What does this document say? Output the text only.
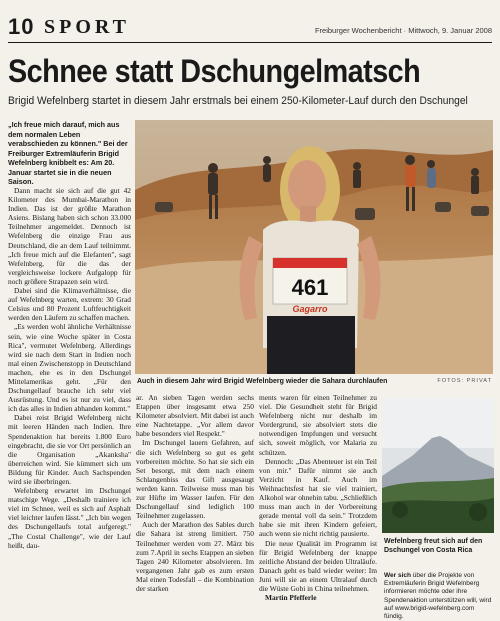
10 SPORT	Freiburger Wochenbericht · Mittwoch, 9. Januar 2008
Schnee statt Dschungelmatsch
Brigid Wefelnberg startet in diesem Jahr erstmals bei einem 250-Kilometer-Lauf durch den Dschungel
„Ich freue mich darauf, mich aus dem normalen Leben verabschieden zu können." Bei der Freiburger Extremläuferin Brigid Wefelnberg knibbelt es: Am 20. Januar startet sie in die neuen Saison.

Dann macht sie sich auf die gut 42 Kilometer des Mumbai-Marathon in Indien. Das ist der größte Marathon Asiens. Bislang haben sich schon 33.000 Teilnehmer angemeldet. Dennoch ist Wefelnberg die einzige Frau aus Deutschland, die an dem Lauf teilnimmt. „Ich freue mich auf die Elefanten", sagt Wefelnberg, für die das der vergleichsweise lockere Aufgalopp für noch größere Strapazen sein wird.

Dabei sind die Klimaverhältnisse, die auf Wefelnberg warten, extrem: 30 Grad Celsius und 80 Prozent Luftfeuchtigkeit werden den Läufern zu schaffen machen.

„Es werden wohl ähnliche Verhältnisse sein, wie eine Woche später in Costa Rica", vermutet Wefelnberg. Allerdings wird sie nach dem Start in Indien noch mal einen Zwischenstopp in Deutschland machen, ehe es in den Dschungel Mittelamerikas geht. „Für den Dschungellauf brauche ich sehr viel Ausrüstung. Und es ist nur zu viel, dass ich das alles in Indien abhanden kommt."

Dabei reist Brigid Wefelnberg nicht mit leeren Händen nach Indien. Ihre Spendenaktion hat bereits 1.800 Euro eingebracht, die sie vor Ort persönlich an die Organisation „Akanksha" überreichen wird. Sie kümmert sich um Bildung für Kinder. Auch Sachspenden wird sie überbringen.

Wefelnberg erwartet im Dschungel matschige Wege. „Deshalb trainiere ich viel im Schnee, weil es sich auf Asphalt viel leichter laufen lässt." „Ich bin wegen des Dschungellaufs total aufgeregt." „The Costal Challenge", wie der Lauf heißt, dau-

461
Gagarro
Auch in diesem Jahr wird Brigid Wefelnberg wieder die Sahara durchlaufen	FOTOS: PRIVAT

ar. An sieben Tagen werden sechs Etappen über insgesamt etwa 250 Kilometer absolviert. Mit dabei ist auch eine Nachtetappe. „Vor allem davor habe besonders viel Respekt."

Im Dschungel lauern Gefahren, auf die sich Wefelnberg so gut es geht vorbereiten möchte. So hat sie sich ein Set besorgt, mit dem nach einem Schlangenbiss das Gift ausgesaugt werden kann. Teilweise muss man bis zur Hüfte im Wasser laufen. Für den Dschungellauf sind lediglich 100 Teilnehmer zugelassen.

Auch der Marathon des Sables durch die Sahara ist streng limitiert. 750 Teilnehmer werden vom 27. März bis zum 7.April in sechs Etappen an sieben Tagen 240 Kilometer absolvieren. Im vergangenen Jahr gab es zum ersten Mal einen Todesfall – die Kombination der starken

ments waren für einen Teilnehmer zu viel. Die Gesundheit steht für Brigid Wefelnberg nicht nur deshalb im Vordergrund, sie absolviert stets die notwendigen Impfungen und versucht sich, soweit möglich, vor Malaria zu schützen.

Dennoch: „Das Abenteuer ist ein Teil von mir." Dafür nimmt sie auch Verzicht in Kauf. Auch im Weihnachtsfest hat sie viel trainiert, Alkohol war ohnehin tabu. „Schließlich muss man auch in der Vorbereitung gerade mental voll da sein." Trotzdem habe sie mit ihren Kindern gefeiert, auch wenn sie nicht richtig pausierte.

Die neue Qualität im Programm ist für Brigid Wefelnberg der knappe zeitliche Abstand der beiden Ultraläufe. Danach geht es bald wieder weiter: Im Juni will sie an einem Ultralauf durch die Wüste Gobi in China teilnehmen.

Martin Pfefferle

Wefelnberg freut sich auf den Dschungel von Costa Rica
Wer sich über die Projekte von Extremläuferin Brigid Wefelnberg informieren möchte oder ihre Spendenaktion unterstützen will, wird auf www.brigid-wefelnberg.com fündig.
